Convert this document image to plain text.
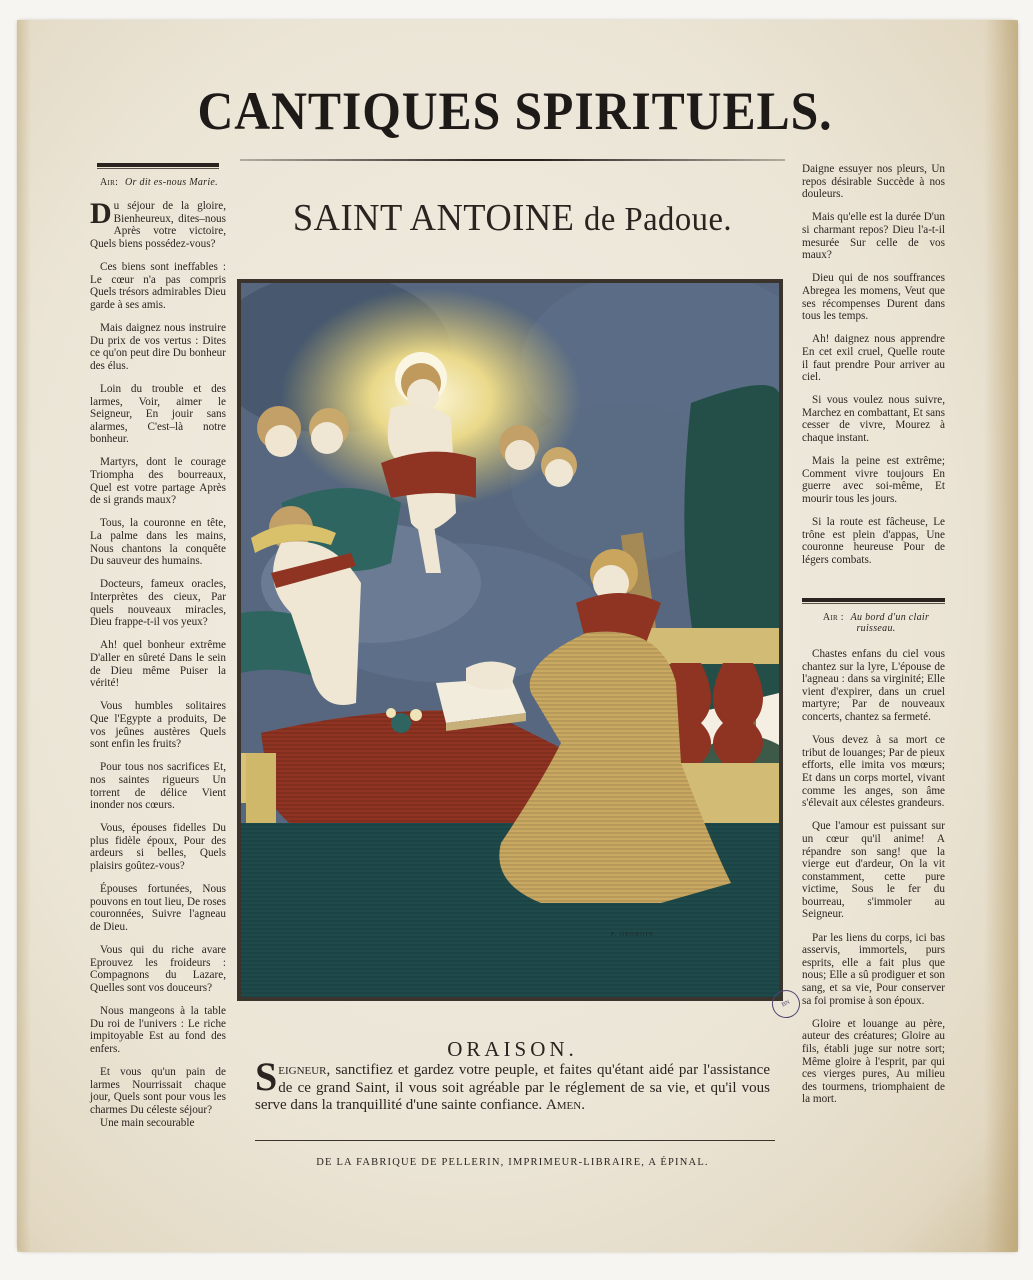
CANTIQUES SPIRITUELS.
Air: Or dit es-nous Marie.

Du séjour de la gloire, Bienheureux, dites–nous Après votre victoire, Quels biens possédez-vous?

Ces biens sont ineffables : Le cœur n'a pas compris Quels trésors admirables Dieu garde à ses amis.

Mais daignez nous instruire Du prix de vos vertus : Dites ce qu'on peut dire Du bonheur des élus.

Loin du trouble et des larmes, Voir, aimer le Seigneur, En jouir sans alarmes, C'est–là notre bonheur.

Martyrs, dont le courage Triompha des bourreaux, Quel est votre partage Après de si grands maux?

Tous, la couronne en tête, La palme dans les mains, Nous chantons la conquête Du sauveur des humains.

Docteurs, fameux oracles, Interprètes des cieux, Par quels nouveaux miracles, Dieu frappe-t-il vos yeux?

Ah! quel bonheur extrême D'aller en sûreté Dans le sein de Dieu même Puiser la vérité!

Vous humbles solitaires Que l'Egypte a produits, De vos jeûnes austères Quels sont enfin les fruits?

Pour tous nos sacrifices Et, nos saintes rigueurs Un torrent de délice Vient inonder nos cœurs.

Vous, épouses fidelles Du plus fidèle époux, Pour des ardeurs si belles, Quels plaisirs goûtez-vous?

Épouses fortunées, Nous pouvons en tout lieu, De roses couronnées, Suivre l'agneau de Dieu.

Vous qui du riche avare Eprouvez les froideurs : Compagnons du Lazare, Quelles sont vos douceurs?

Nous mangeons à la table Du roi de l'univers : Le riche impitoyable Est au fond des enfers.

Et vous qu'un pain de larmes Nourrissait chaque jour, Quels sont pour vous les charmes Du céleste séjour?

Une main secourable

SAINT ANTOINE de Padoue.
F. GEORGIN.
BN

Daigne essuyer nos pleurs, Un repos désirable Succède à nos douleurs.

Mais qu'elle est la durée D'un si charmant repos? Dieu l'a-t-il mesurée Sur celle de vos maux?

Dieu qui de nos souffrances Abregea les momens, Veut que ses récompenses Durent dans tous les temps.

Ah! daignez nous apprendre En cet exil cruel, Quelle route il faut prendre Pour arriver au ciel.

Si vous voulez nous suivre, Marchez en combattant, Et sans cesser de vivre, Mourez à chaque instant.

Mais la peine est extrême; Comment vivre toujours En guerre avec soi-même, Et mourir tous les jours.

Si la route est fâcheuse, Le trône est plein d'appas, Une couronne heureuse Pour de légers combats.

Air : Au bord d'un clair ruisseau.

Chastes enfans du ciel vous chantez sur la lyre, L'épouse de l'agneau : dans sa virginité; Elle vient d'expirer, dans un cruel martyre; Par de nouveaux concerts, chantez sa fermeté.

Vous devez à sa mort ce tribut de louanges; Par de pieux efforts, elle imita vos mœurs; Et dans un corps mortel, vivant comme les anges, son âme s'élevait aux célestes grandeurs.

Que l'amour est puissant sur un cœur qu'il anime! A répandre son sang! que la vierge eut d'ardeur, On la vit constamment, cette pure victime, Sous le fer du bourreau, s'immoler au Seigneur.

Par les liens du corps, ici bas asservis, immortels, purs esprits, elle a fait plus que nous; Elle a sû prodiguer et son sang, et sa vie, Pour conserver sa foi promise à son époux.

Gloire et louange au père, auteur des créatures; Gloire au fils, établi juge sur notre sort; Même gloire à l'esprit, par qui ces vierges pures, Au milieu des tourmens, triomphaient de la mort.

ORAISON.
Seigneur, sanctifiez et gardez votre peuple, et faites qu'étant aidé par l'assistance de ce grand Saint, il vous soit agréable par le réglement de sa vie, et qu'il vous serve dans la tranquillité d'une sainte confiance. Amen.
DE LA FABRIQUE DE PELLERIN, IMPRIMEUR-LIBRAIRE, A ÉPINAL.
